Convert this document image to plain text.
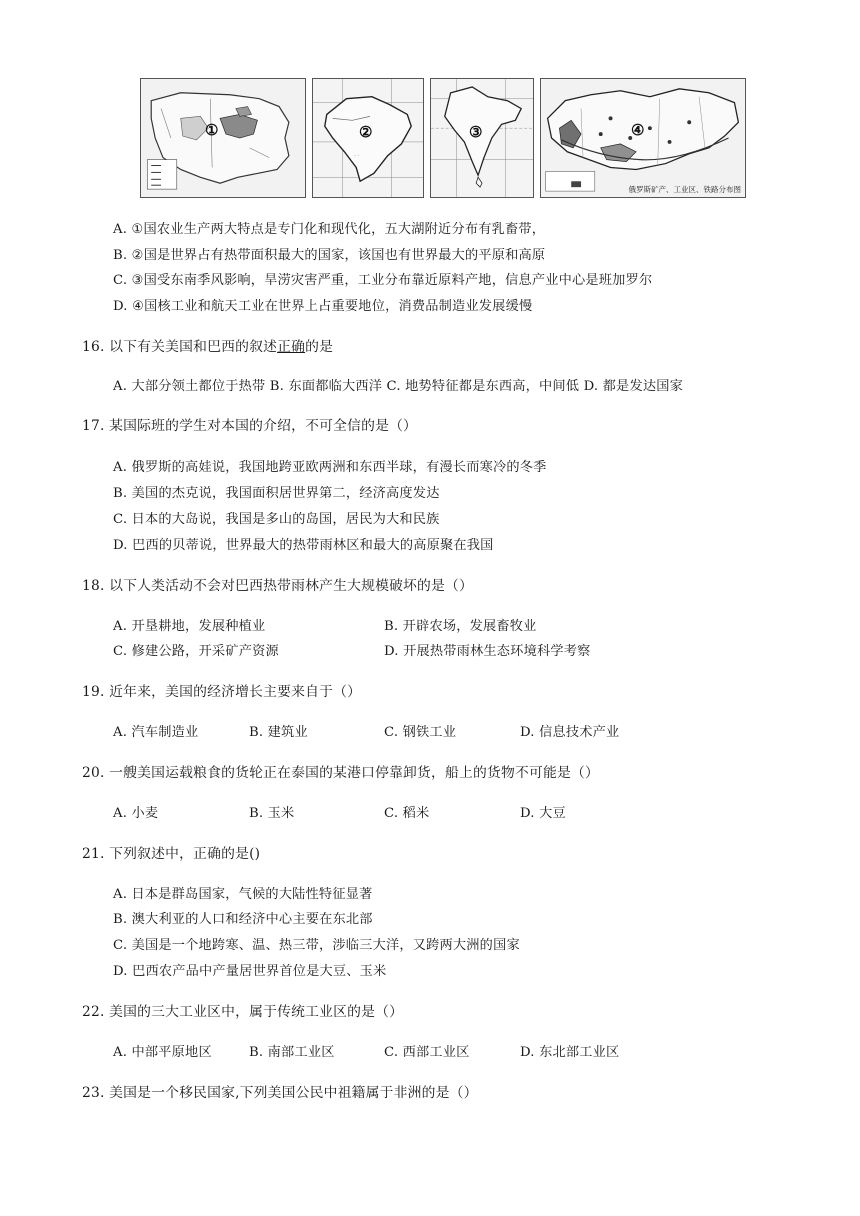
①
. .
②	③	④
俄罗斯矿产、工业区、铁路分布图
A. ①国农业生产两大特点是专门化和现代化，五大湖附近分布有乳畜带，
B. ②国是世界占有热带面积最大的国家，该国也有世界最大的平原和高原
C. ③国受东南季风影响，旱涝灾害严重，工业分布靠近原料产地，信息产业中心是班加罗尔
D. ④国核工业和航天工业在世界上占重要地位，消费品制造业发展缓慢
16. 以下有关美国和巴西的叙述正确的是
A. 大部分领土都位于热带 B. 东面都临大西洋 C. 地势特征都是东西高，中间低 D. 都是发达国家
17. 某国际班的学生对本国的介绍，不可全信的是（）
A. 俄罗斯的高娃说，我国地跨亚欧两洲和东西半球，有漫长而寒冷的冬季
B. 美国的杰克说，我国面积居世界第二，经济高度发达
C. 日本的大岛说，我国是多山的岛国，居民为大和民族
D. 巴西的贝蒂说，世界最大的热带雨林区和最大的高原聚在我国
18. 以下人类活动不会对巴西热带雨林产生大规模破坏的是（）
A. 开垦耕地，发展种植业	B. 开辟农场，发展畜牧业
C. 修建公路，开采矿产资源	D. 开展热带雨林生态环境科学考察
19. 近年来，美国的经济增长主要来自于（）
A. 汽车制造业	B. 建筑业	C. 钢铁工业	D. 信息技术产业
20. 一艘美国运载粮食的货轮正在泰国的某港口停靠卸货，船上的货物不可能是（）
A. 小麦	B. 玉米	C. 稻米	D. 大豆
21. 下列叙述中，正确的是()
A. 日本是群岛国家，气候的大陆性特征显著
B. 澳大利亚的人口和经济中心主要在东北部
C. 美国是一个地跨寒、温、热三带，涉临三大洋，又跨两大洲的国家
D. 巴西农产品中产量居世界首位是大豆、玉米
22. 美国的三大工业区中，属于传统工业区的是（）
A. 中部平原地区	B. 南部工业区	C. 西部工业区	D. 东北部工业区
23. 美国是一个移民国家,下列美国公民中祖籍属于非洲的是（）
